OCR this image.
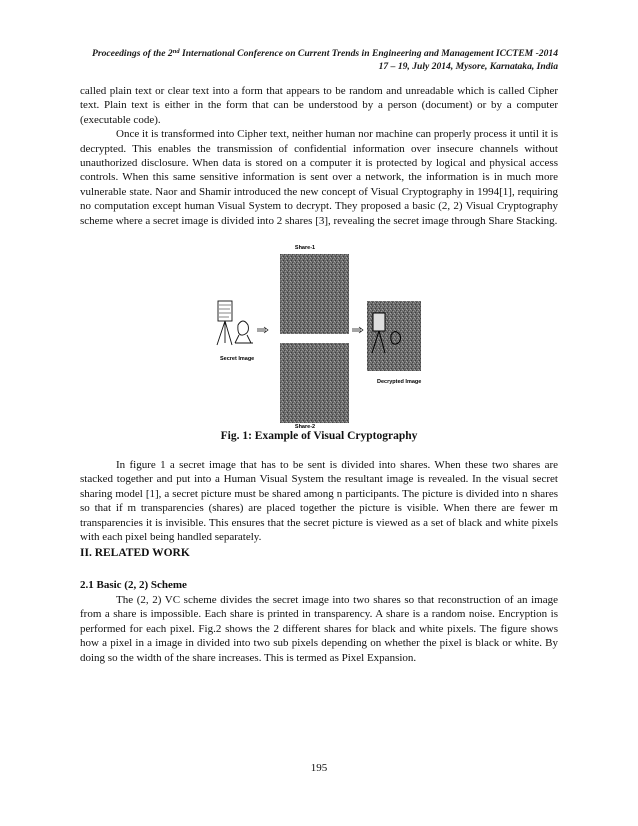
Proceedings of the 2nd International Conference on Current Trends in Engineering and Management ICCTEM -2014
17 – 19, July 2014, Mysore, Karnataka, India

called plain text or clear text into a form that appears to be random and unreadable which is called Cipher text. Plain text is either in the form that can be understood by a person (document) or by a computer (executable code).

Once it is transformed into Cipher text, neither human nor machine can properly process it until it is decrypted. This enables the transmission of confidential information over insecure channels without unauthorized disclosure. When data is stored on a computer it is protected by logical and physical access controls. When this same sensitive information is sent over a network, the information is in much more vulnerable state. Naor and Shamir introduced the new concept of Visual Cryptography in 1994[1], requiring no computation except human Visual System to decrypt. They proposed a basic (2, 2) Visual Cryptography scheme where a secret image is divided into 2 shares [3], revealing the secret image through Share Stacking.

Share-1
+
Share-2
Secret Image
Decrypted Image
Fig. 1: Example of Visual Cryptography

In figure 1 a secret image that has to be sent is divided into shares. When these two shares are stacked together and put into a Human Visual System the resultant image is revealed. In the visual secret sharing model [1], a secret picture must be shared among n participants. The picture is divided into n shares so that if m transparencies (shares) are placed together the picture is visible. When there are fewer m transparencies it is invisible. This ensures that the secret picture is viewed as a set of black and white pixels with each pixel being handled separately.

II. RELATED WORK
2.1 Basic (2, 2) Scheme

The (2, 2) VC scheme divides the secret image into two shares so that reconstruction of an image from a share is impossible. Each share is printed in transparency. A share is a random noise. Encryption is performed for each pixel. Fig.2 shows the 2 different shares for black and white pixels. The figure shows how a pixel in a image in divided into two sub pixels depending on whether the pixel is black or white. By doing so the width of the share increases. This is termed as Pixel Expansion.

195
